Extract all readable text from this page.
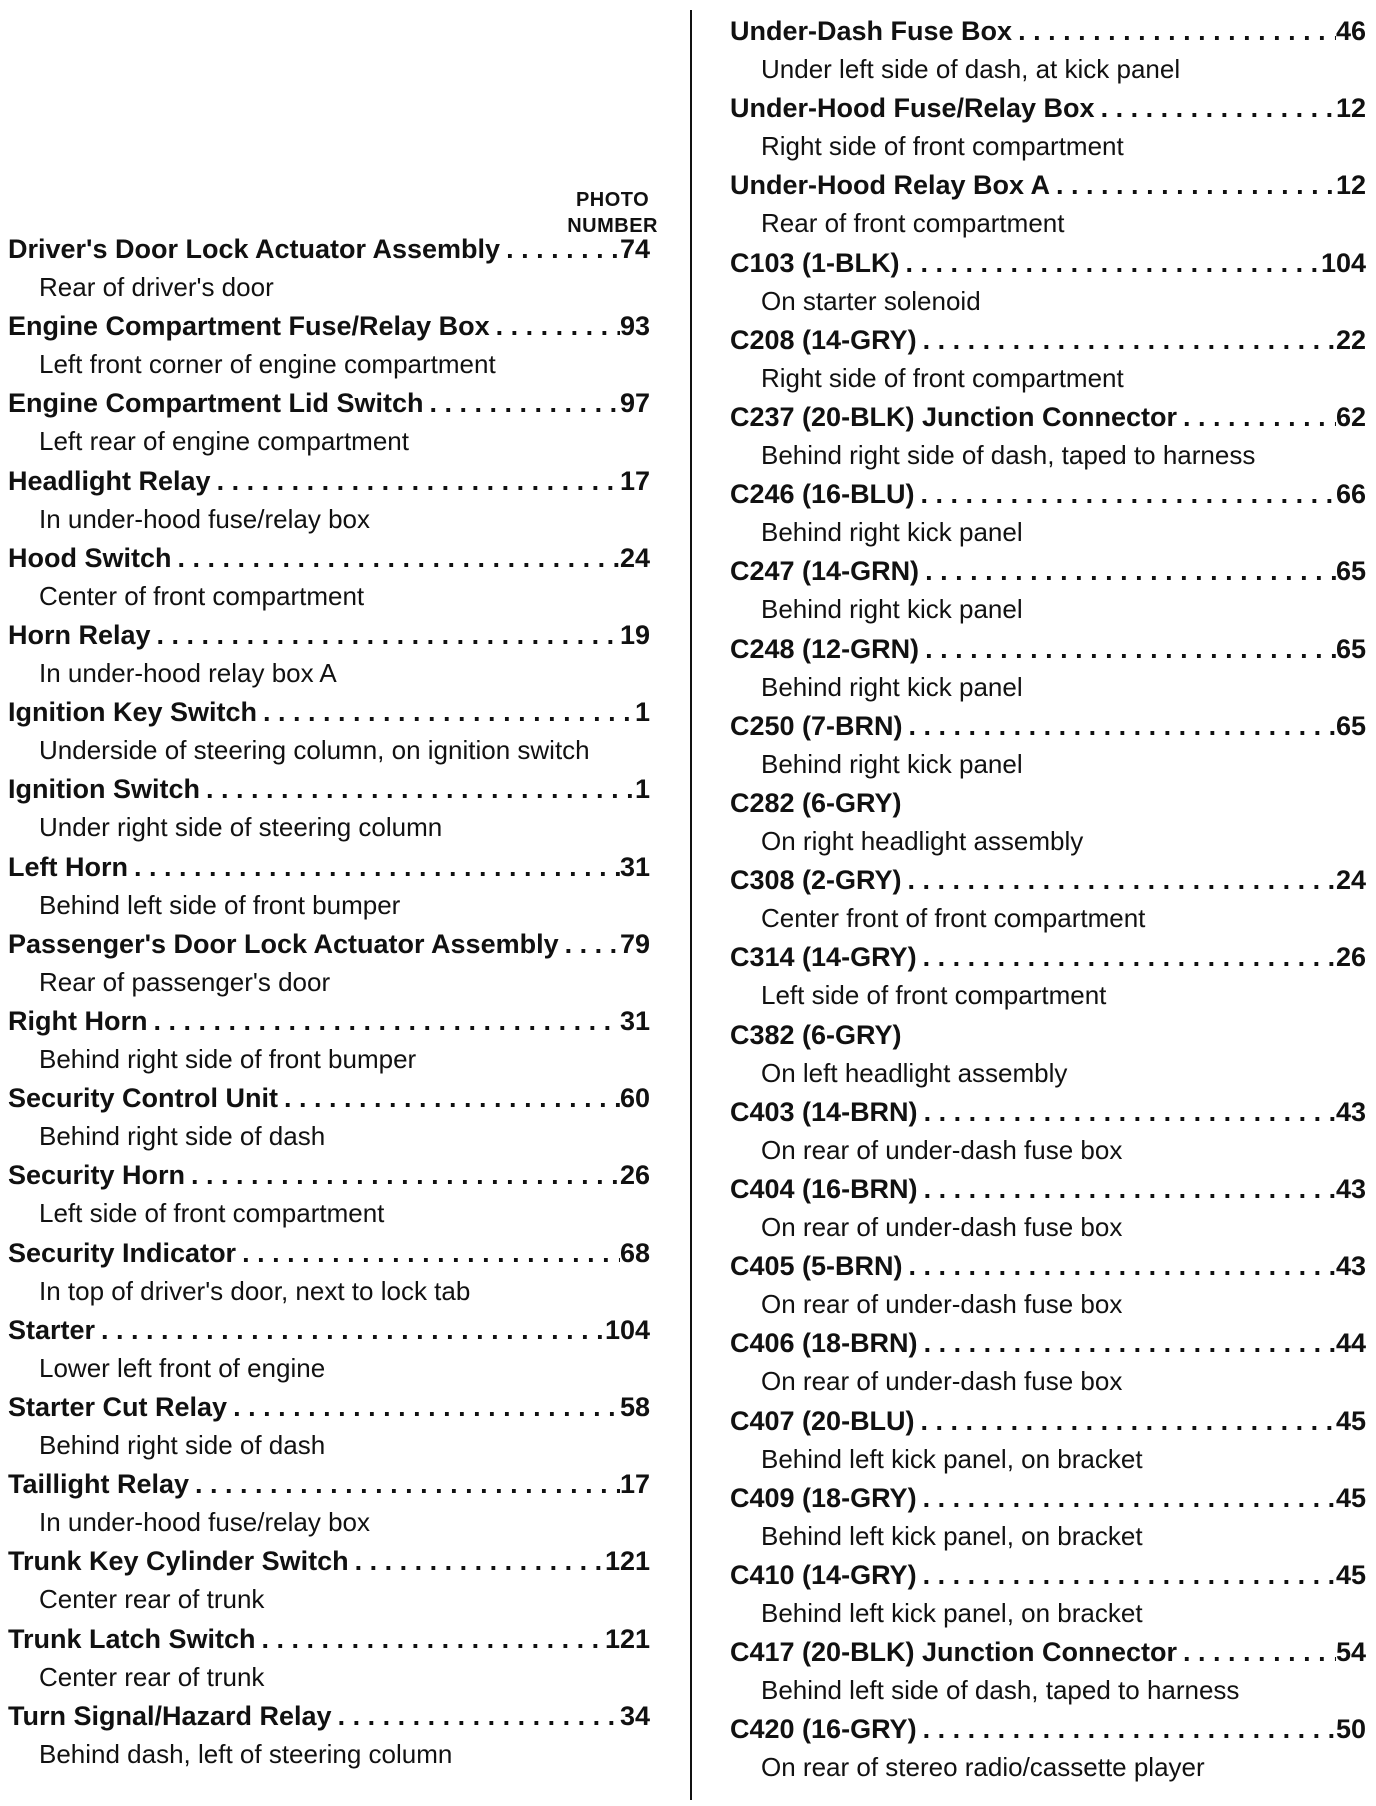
PHOTO
NUMBER
Driver's Door Lock Actuator Assembly . . .	74
Rear of driver's door
Engine Compartment Fuse/Relay Box . . .	93
Left front corner of engine compartment
Engine Compartment Lid Switch . . .	97
Left rear of engine compartment
Headlight Relay . . .	17
In under-hood fuse/relay box
Hood Switch . . .	24
Center of front compartment
Horn Relay . . .	19
In under-hood relay box A
Ignition Key Switch . . .	1
Underside of steering column, on ignition switch
Ignition Switch . . .	1
Under right side of steering column
Left Horn . . .	31
Behind left side of front bumper
Passenger's Door Lock Actuator Assembly . . . 79
Rear of passenger's door
Right Horn . . .	31
Behind right side of front bumper
Security Control Unit . . .	60
Behind right side of dash
Security Horn . . .	26
Left side of front compartment
Security Indicator . . .	68
In top of driver's door, next to lock tab
Starter . . .	104
Lower left front of engine
Starter Cut Relay . . .	58
Behind right side of dash
Taillight Relay . . .	17
In under-hood fuse/relay box
Trunk Key Cylinder Switch . . .	121
Center rear of trunk
Trunk Latch Switch . . .	121
Center rear of trunk
Turn Signal/Hazard Relay . . .	34
Behind dash, left of steering column
Under-Dash Fuse Box . . .	46
Under left side of dash, at kick panel
Under-Hood Fuse/Relay Box . . .	12
Right side of front compartment
Under-Hood Relay Box A . . .	12
Rear of front compartment
C103 (1-BLK) . . .	104
On starter solenoid
C208 (14-GRY) . . .	22
Right side of front compartment
C237 (20-BLK) Junction Connector . . .	62
Behind right side of dash, taped to harness
C246 (16-BLU) . . .	66
Behind right kick panel
C247 (14-GRN) . . .	65
Behind right kick panel
C248 (12-GRN) . . .	65
Behind right kick panel
C250 (7-BRN) . . .	65
Behind right kick panel
C282 (6-GRY)
On right headlight assembly
C308 (2-GRY) . . .	24
Center front of front compartment
C314 (14-GRY) . . .	26
Left side of front compartment
C382 (6-GRY)
On left headlight assembly
C403 (14-BRN) . . .	43
On rear of under-dash fuse box
C404 (16-BRN) . . .	43
On rear of under-dash fuse box
C405 (5-BRN) . . .	43
On rear of under-dash fuse box
C406 (18-BRN) . . .	44
On rear of under-dash fuse box
C407 (20-BLU) . . .	45
Behind left kick panel, on bracket
C409 (18-GRY) . . .	45
Behind left kick panel, on bracket
C410 (14-GRY) . . .	45
Behind left kick panel, on bracket
C417 (20-BLK) Junction Connector . . .	54
Behind left side of dash, taped to harness
C420 (16-GRY) . . .	50
On rear of stereo radio/cassette player
